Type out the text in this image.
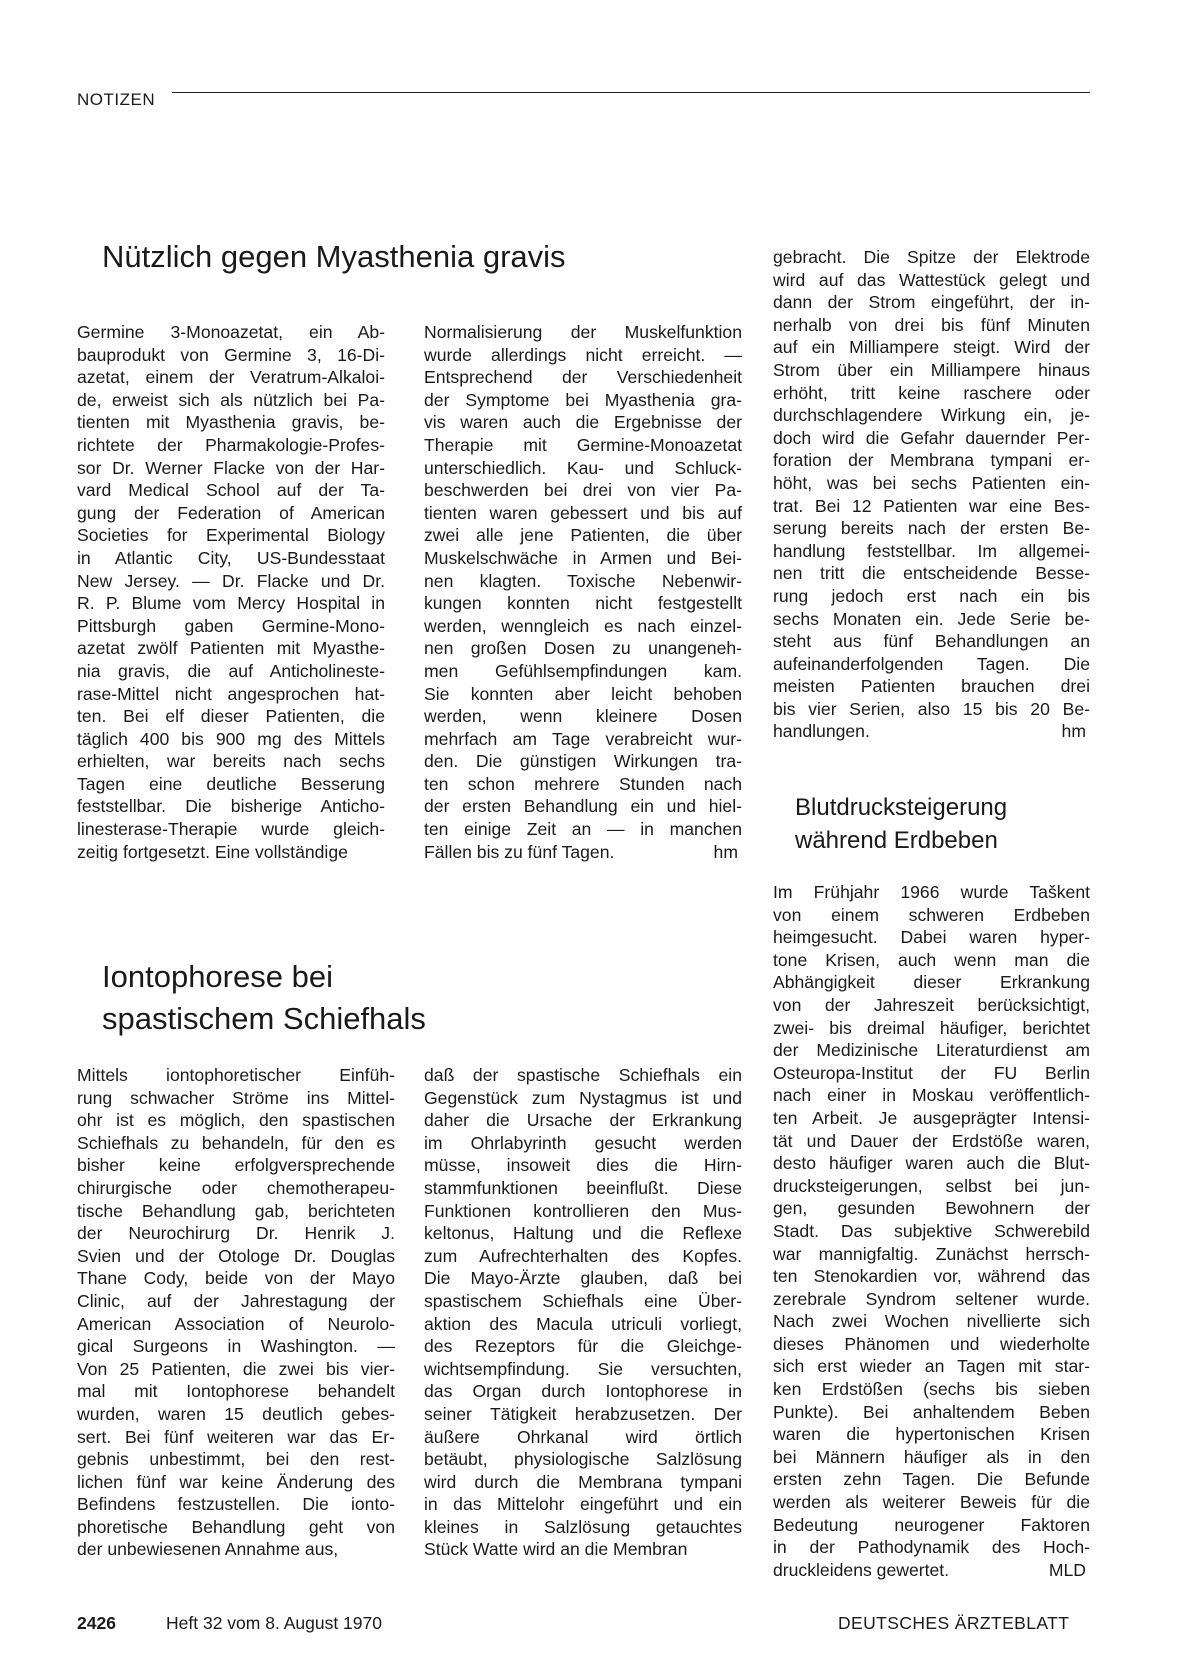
NOTIZEN
Nützlich gegen Myasthenia gravis

Germine 3-Monoazetat, ein Ab-

bauprodukt von Germine 3, 16-Di-

azetat, einem der Veratrum-Alkaloi-

de, erweist sich als nützlich bei Pa-

tienten mit Myasthenia gravis, be-

richtete der Pharmakologie-Profes-

sor Dr. Werner Flacke von der Har-

vard Medical School auf der Ta-

gung der Federation of American

Societies for Experimental Biology

in Atlantic City, US-Bundesstaat

New Jersey. — Dr. Flacke und Dr.

R. P. Blume vom Mercy Hospital in

Pittsburgh gaben Germine-Mono-

azetat zwölf Patienten mit Myasthe-

nia gravis, die auf Anticholinestе-

rase-Mittel nicht angesprochen hat-

ten. Bei elf dieser Patienten, die

täglich 400 bis 900 mg des Mittels

erhielten, war bereits nach sechs

Tagen eine deutliche Besserung

feststellbar. Die bisherige Anticho-

linesterase-Therapie wurde gleich-

zeitig fortgesetzt. Eine vollständige

Normalisierung der Muskelfunktion

wurde allerdings nicht erreicht. —

Entsprechend der Verschiedenheit

der Symptome bei Myasthenia gra-

vis waren auch die Ergebnisse der

Therapie mit Germine-Monoazetat

unterschiedlich. Kau- und Schluck-

beschwerden bei drei von vier Pa-

tienten waren gebessert und bis auf

zwei alle jene Patienten, die über

Muskelschwäche in Armen und Bei-

nen klagten. Toxische Nebenwir-

kungen konnten nicht festgestellt

werden, wenngleich es nach einzel-

nen großen Dosen zu unangeneh-

men Gefühlsempfindungen kam.

Sie konnten aber leicht behoben

werden, wenn kleinere Dosen

mehrfach am Tage verabreicht wur-

den. Die günstigen Wirkungen tra-

ten schon mehrere Stunden nach

der ersten Behandlung ein und hiel-

ten einige Zeit an — in manchen

Fällen bis zu fünf Tagen.	hm

Iontophorese bei
spastischem Schiefhals

Mittels iontophoretischer Einfüh-

rung schwacher Ströme ins Mittel-

ohr ist es möglich, den spastischen

Schiefhals zu behandeln, für den es

bisher keine erfolgversprechende

chirurgische oder chemotherapeu-

tische Behandlung gab, berichteten

der Neurochirurg Dr. Henrik J.

Svien und der Otologe Dr. Douglas

Thane Cody, beide von der Mayo

Clinic, auf der Jahrestagung der

American Association of Neurolo-

gical Surgeons in Washington. —

Von 25 Patienten, die zwei bis vier-

mal mit Iontophorese behandelt

wurden, waren 15 deutlich gebes-

sert. Bei fünf weiteren war das Er-

gebnis unbestimmt, bei den rest-

lichen fünf war keine Änderung des

Befindens festzustellen. Die ionto-

phoretische Behandlung geht von

der unbewiesenen Annahme aus,

daß der spastische Schiefhals ein

Gegenstück zum Nystagmus ist und

daher die Ursache der Erkrankung

im Ohrlabyrinth gesucht werden

müsse, insoweit dies die Hirn-

stammfunktionen beeinflußt. Diese

Funktionen kontrollieren den Mus-

keltonus, Haltung und die Reflexe

zum Aufrechterhalten des Kopfes.

Die Mayo-Ärzte glauben, daß bei

spastischem Schiefhals eine Über-

aktion des Macula utriculi vorliegt,

des Rezeptors für die Gleichge-

wichtsempfindung. Sie versuchten,

das Organ durch Iontophorese in

seiner Tätigkeit herabzusetzen. Der

äußere Ohrkanal wird örtlich

betäubt, physiologische Salzlösung

wird durch die Membrana tympani

in das Mittelohr eingeführt und ein

kleines in Salzlösung getauchtes

Stück Watte wird an die Membran

gebracht. Die Spitze der Elektrode

wird auf das Wattestück gelegt und

dann der Strom eingeführt, der in-

nerhalb von drei bis fünf Minuten

auf ein Milliampere steigt. Wird der

Strom über ein Milliampere hinaus

erhöht, tritt keine raschere oder

durchschlagendere Wirkung ein, je-

doch wird die Gefahr dauernder Per-

foration der Membrana tympani er-

höht, was bei sechs Patienten ein-

trat. Bei 12 Patienten war eine Bes-

serung bereits nach der ersten Be-

handlung feststellbar. Im allgemei-

nen tritt die entscheidende Besse-

rung jedoch erst nach ein bis

sechs Monaten ein. Jede Serie be-

steht aus fünf Behandlungen an

aufeinanderfolgenden Tagen. Die

meisten Patienten brauchen drei

bis vier Serien, also 15 bis 20 Be-

handlungen.	hm

Blutdrucksteigerung
während Erdbeben

Im Frühjahr 1966 wurde Taškent

von einem schweren Erdbeben

heimgesucht. Dabei waren hyper-

tone Krisen, auch wenn man die

Abhängigkeit dieser Erkrankung

von der Jahreszeit berücksichtigt,

zwei- bis dreimal häufiger, berichtet

der Medizinische Literaturdienst am

Osteuropa-Institut der FU Berlin

nach einer in Moskau veröffentlich-

ten Arbeit. Je ausgeprägter Intensi-

tät und Dauer der Erdstöße waren,

desto häufiger waren auch die Blut-

drucksteigerungen, selbst bei jun-

gen, gesunden Bewohnern der

Stadt. Das subjektive Schwerebild

war mannigfaltig. Zunächst herrsch-

ten Stenokardien vor, während das

zerebrale Syndrom seltener wurde.

Nach zwei Wochen nivellierte sich

dieses Phänomen und wiederholte

sich erst wieder an Tagen mit star-

ken Erdstößen (sechs bis sieben

Punkte). Bei anhaltendem Beben

waren die hypertonischen Krisen

bei Männern häufiger als in den

ersten zehn Tagen. Die Befunde

werden als weiterer Beweis für die

Bedeutung neurogener Faktoren

in der Pathodynamik des Hoch-

druckleidens gewertet.	MLD

2426	Heft 32 vom 8. August 1970	DEUTSCHES ÄRZTEBLATT
